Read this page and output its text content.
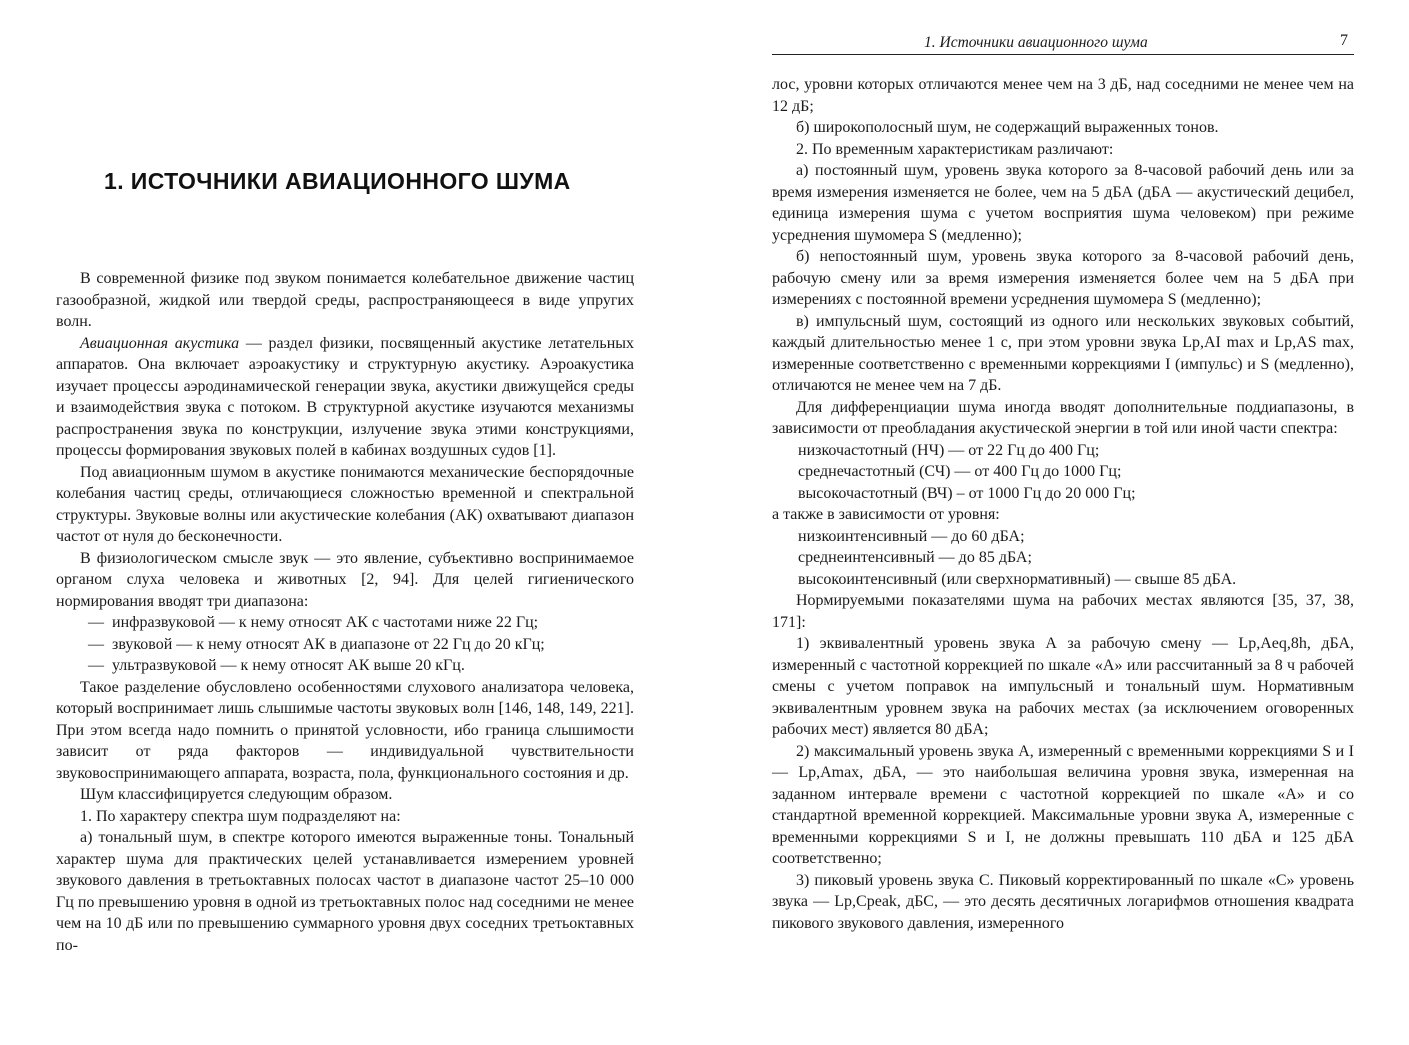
1. ИСТОЧНИКИ АВИАЦИОННОГО ШУМА
1. Источники авиационного шума	7

В современной физике под звуком понимается колебательное движение частиц газообразной, жидкой или твердой среды, распространяющееся в виде упругих волн.

Авиационная акустика — раздел физики, посвященный акустике летательных аппаратов. Она включает аэроакустику и структурную акустику. Аэроакустика изучает процессы аэродинамической генерации звука, акустики движущейся среды и взаимодействия звука с потоком. В структурной акустике изучаются механизмы распространения звука по конструкции, излучение звука этими конструкциями, процессы формирования звуковых полей в кабинах воздушных судов [1].

Под авиационным шумом в акустике понимаются механические беспорядочные колебания частиц среды, отличающиеся сложностью временной и спектральной структуры. Звуковые волны или акустические колебания (АК) охватывают диапазон частот от нуля до бесконечности.

В физиологическом смысле звук — это явление, субъективно воспринимаемое органом слуха человека и животных [2, 94]. Для целей гигиенического нормирования вводят три диапазона:

— инфразвуковой — к нему относят АК с частотами ниже 22 Гц;

— звуковой — к нему относят АК в диапазоне от 22 Гц до 20 кГц;

— ультразвуковой — к нему относят АК выше 20 кГц.

Такое разделение обусловлено особенностями слухового анализатора человека, который воспринимает лишь слышимые частоты звуковых волн [146, 148, 149, 221]. При этом всегда надо помнить о принятой условности, ибо граница слышимости зависит от ряда факторов — индивидуальной чувствительности звуковоспринимающего аппарата, возраста, пола, функционального состояния и др.

Шум классифицируется следующим образом.

1. По характеру спектра шум подразделяют на:

а) тональный шум, в спектре которого имеются выраженные тоны. Тональный характер шума для практических целей устанавливается измерением уровней звукового давления в третьоктавных полосах частот в диапазоне частот 25–10 000 Гц по превышению уровня в одной из третьоктавных полос над соседними не менее чем на 10 дБ или по превышению суммарного уровня двух соседних третьоктавных по-

лос, уровни которых отличаются менее чем на 3 дБ, над соседними не менее чем на 12 дБ;

б) широкополосный шум, не содержащий выраженных тонов.

2. По временным характеристикам различают:

а) постоянный шум, уровень звука которого за 8-часовой рабочий день или за время измерения изменяется не более, чем на 5 дБА (дБА — акустический децибел, единица измерения шума с учетом восприятия шума человеком) при режиме усреднения шумомера S (медленно);

б) непостоянный шум, уровень звука которого за 8-часовой рабочий день, рабочую смену или за время измерения изменяется более чем на 5 дБА при измерениях с постоянной времени усреднения шумомера S (медленно);

в) импульсный шум, состоящий из одного или нескольких звуковых событий, каждый длительностью менее 1 с, при этом уровни звука Lp,AI max и Lp,AS max, измеренные соответственно с временными коррекциями I (импульс) и S (медленно), отличаются не менее чем на 7 дБ.

Для дифференциации шума иногда вводят дополнительные поддиапазоны, в зависимости от преобладания акустической энергии в той или иной части спектра:

низкочастотный (НЧ) — от 22 Гц до 400 Гц;

среднечастотный (СЧ) — от 400 Гц до 1000 Гц;

высокочастотный (ВЧ) – от 1000 Гц до 20 000 Гц;

а также в зависимости от уровня:

низкоинтенсивный — до 60 дБА;

среднеинтенсивный — до 85 дБА;

высокоинтенсивный (или сверхнормативный) — свыше 85 дБА.

Нормируемыми показателями шума на рабочих местах являются [35, 37, 38, 171]:

1) эквивалентный уровень звука А за рабочую смену — Lp,Aeq,8h, дБА, измеренный с частотной коррекцией по шкале «А» или рассчитанный за 8 ч рабочей смены с учетом поправок на импульсный и тональный шум. Нормативным эквивалентным уровнем звука на рабочих местах (за исключением оговоренных рабочих мест) является 80 дБА;

2) максимальный уровень звука А, измеренный с временными коррекциями S и I — Lp,Amax, дБА, — это наибольшая величина уровня звука, измеренная на заданном интервале времени с частотной коррекцией по шкале «А» и со стандартной временной коррекцией. Максимальные уровни звука А, измеренные с временными коррекциями S и I, не должны превышать 110 дБА и 125 дБА соответственно;

3) пиковый уровень звука С. Пиковый корректированный по шкале «С» уровень звука — Lp,Cpeak, дБС, — это десять десятичных логарифмов отношения квадрата пикового звукового давления, измеренного
